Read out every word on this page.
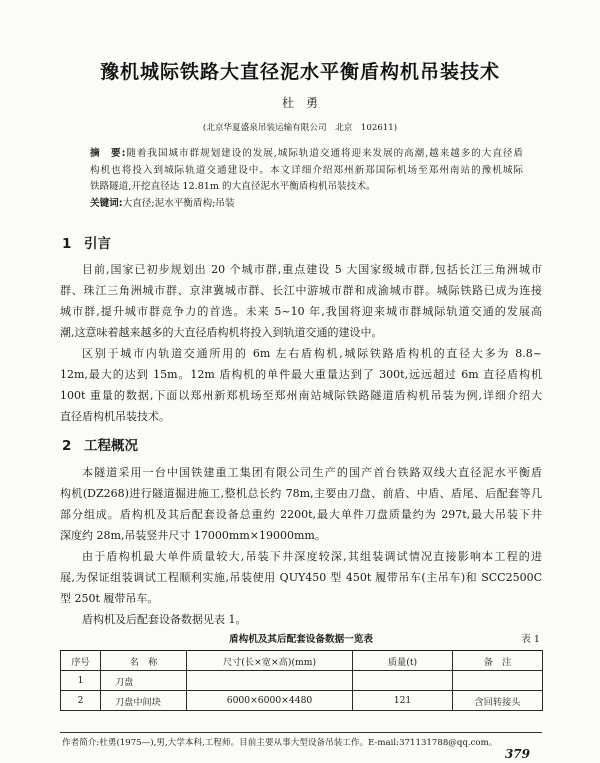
豫机城际铁路大直径泥水平衡盾构机吊装技术
杜　勇
(北京华夏盛泉吊装运输有限公司　北京　102611)
摘　要:随着我国城市群规划建设的发展,城际轨道交通将迎来发展的高潮,越来越多的大直径盾
构机也将投入到城际轨道交通建设中。本文详细介绍郑州新郑国际机场至郑州南站的豫机城际
铁路隧道,开挖直径达 12.81m 的大直径泥水平衡盾构机吊装技术。
关键词:大直径;泥水平衡盾构;吊装
1 引言
目前,国家已初步规划出 20 个城市群,重点建设 5 大国家级城市群,包括长江三角洲城市
群、珠江三角洲城市群、京津冀城市群、长江中游城市群和成渝城市群。城际铁路已成为连接
城市群,提升城市群竞争力的首选。未来 5~10 年,我国将迎来城市群城际轨道交通的发展高
潮,这意味着越来越多的大直径盾构机将投入到轨道交通的建设中。
区别于城市内轨道交通所用的 6m 左右盾构机,城际铁路盾构机的直径大多为 8.8~
12m,最大的达到 15m。12m 盾构机的单件最大重量达到了 300t,远远超过 6m 直径盾构机
100t 重量的数据,下面以郑州新郑机场至郑州南站城际铁路隧道盾构机吊装为例,详细介绍大
直径盾构机吊装技术。
2 工程概况
本隧道采用一台中国铁建重工集团有限公司生产的国产首台铁路双线大直径泥水平衡盾
构机(DZ268)进行隧道掘进施工,整机总长约 78m,主要由刀盘、前盾、中盾、盾尾、后配套等几
部分组成。盾构机及其后配套设备总重约 2200t,最大单件刀盘质量约为 297t,最大吊装下井
深度约 28m,吊装竖井尺寸 17000mm×19000mm。
由于盾构机最大单件质量较大,吊装下井深度较深,其组装调试情况直接影响本工程的进
展,为保证组装调试工程顺利实施,吊装使用 QUY450 型 450t 履带吊车(主吊车)和 SCC2500C
型 250t 履带吊车。
盾构机及后配套设备数据见表 1。
盾构机及其后配套设备数据一览表	表 1
序号	名　称	尺寸(长×宽×高)(mm)	质量(t)	备　注
1	刀盘			
2	刀盘中间块	6000×6000×4480	121	含回转接头
作者简介:杜勇(1975—),男,大学本科,工程师。目前主要从事大型设备吊装工作。E-mail:371131788@qq.com。
379
